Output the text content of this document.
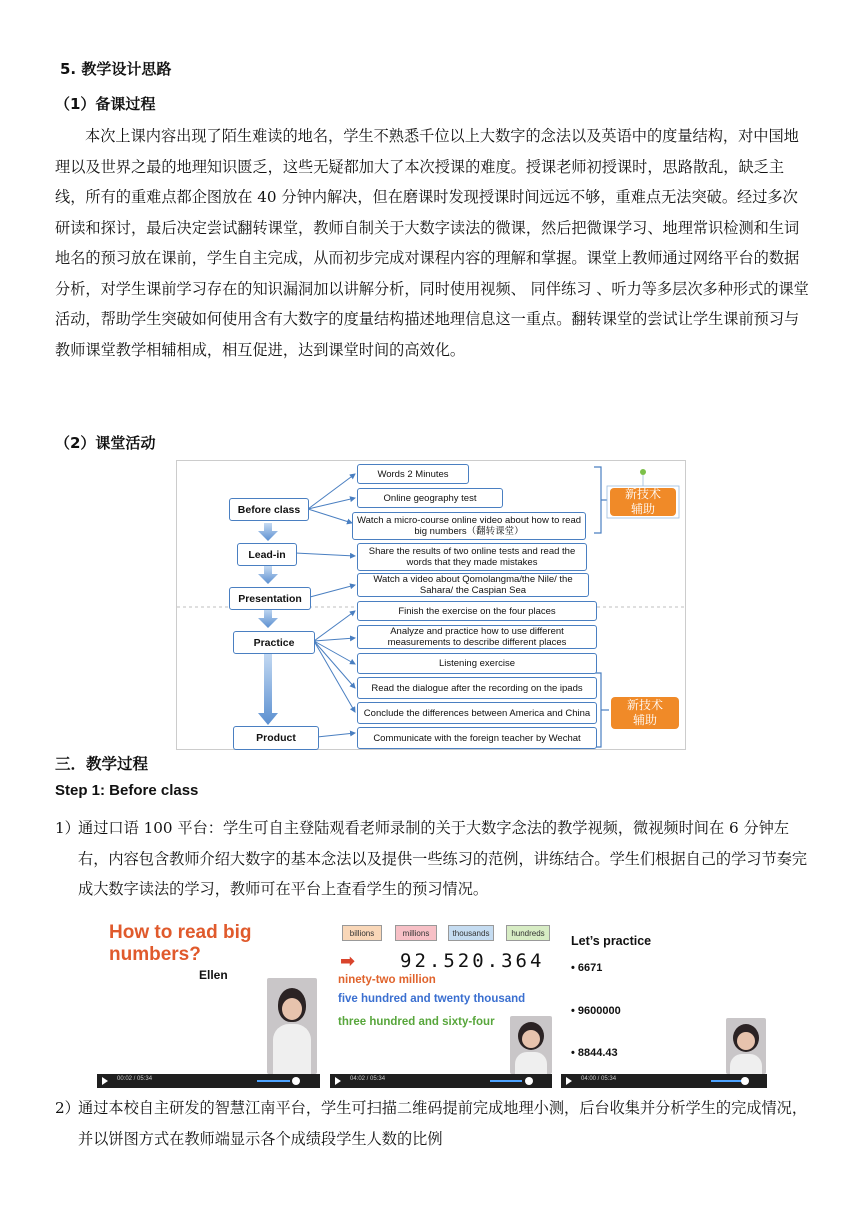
5. 教学设计思路
（1）备课过程
本次上课内容出现了陌生难读的地名，学生不熟悉千位以上大数字的念法以及英语中的度量结构，对中国地理以及世界之最的地理知识匮乏，这些无疑都加大了本次授课的难度。授课老师初授课时，思路散乱，缺乏主线，所有的重难点都企图放在 40 分钟内解决，但在磨课时发现授课时间远远不够，重难点无法突破。经过多次研读和探讨，最后决定尝试翻转课堂，教师自制关于大数字读法的微课，然后把微课学习、地理常识检测和生词地名的预习放在课前，学生自主完成，从而初步完成对课程内容的理解和掌握。课堂上教师通过网络平台的数据分析，对学生课前学习存在的知识漏洞加以讲解分析，同时使用视频、 同伴练习 、听力等多层次多种形式的课堂活动，帮助学生突破如何使用含有大数字的度量结构描述地理信息这一重点。翻转课堂的尝试让学生课前预习与教师课堂教学相辅相成，相互促进，达到课堂时间的高效化。
（2）课堂活动
Before class
Lead-in
Presentation
Practice
Product
Words 2 Minutes
Online geography test
Watch a micro-course online video about how to read big numbers（翻转课堂）
Share the results of two online tests and read the words that they made mistakes
Watch a video about Qomolangma/the Nile/ the Sahara/ the Caspian Sea
Finish the exercise on the four places
Analyze and practice how to use different measurements to describe different places
Listening exercise
Read the dialogue after the recording on the ipads
Conclude the differences between America and China
Communicate with the foreign teacher by Wechat
新技术
辅助
新技术
辅助
三．教学过程
Step 1: Before class
1）
通过口语 100 平台：学生可自主登陆观看老师录制的关于大数字念法的教学视频，微视频时间在 6 分钟左右，内容包含教师介绍大数字的基本念法以及提供一些练习的范例，讲练结合。学生们根据自己的学习节奏完成大数字读法的学习，教师可在平台上查看学生的预习情况。
How to read big numbers?
Ellen
00:02 / 05:34
billions	millions	thousands	hundreds
➡ 92.520.364
ninety-two million
five hundred and twenty thousand
three hundred and sixty-four
04:02 / 05:34
Let’s practice
• 6671
• 9600000
• 8844.43
04:00 / 05:34
2）
通过本校自主研发的智慧江南平台，学生可扫描二维码提前完成地理小测，后台收集并分析学生的完成情况，并以饼图方式在教师端显示各个成绩段学生人数的比例
